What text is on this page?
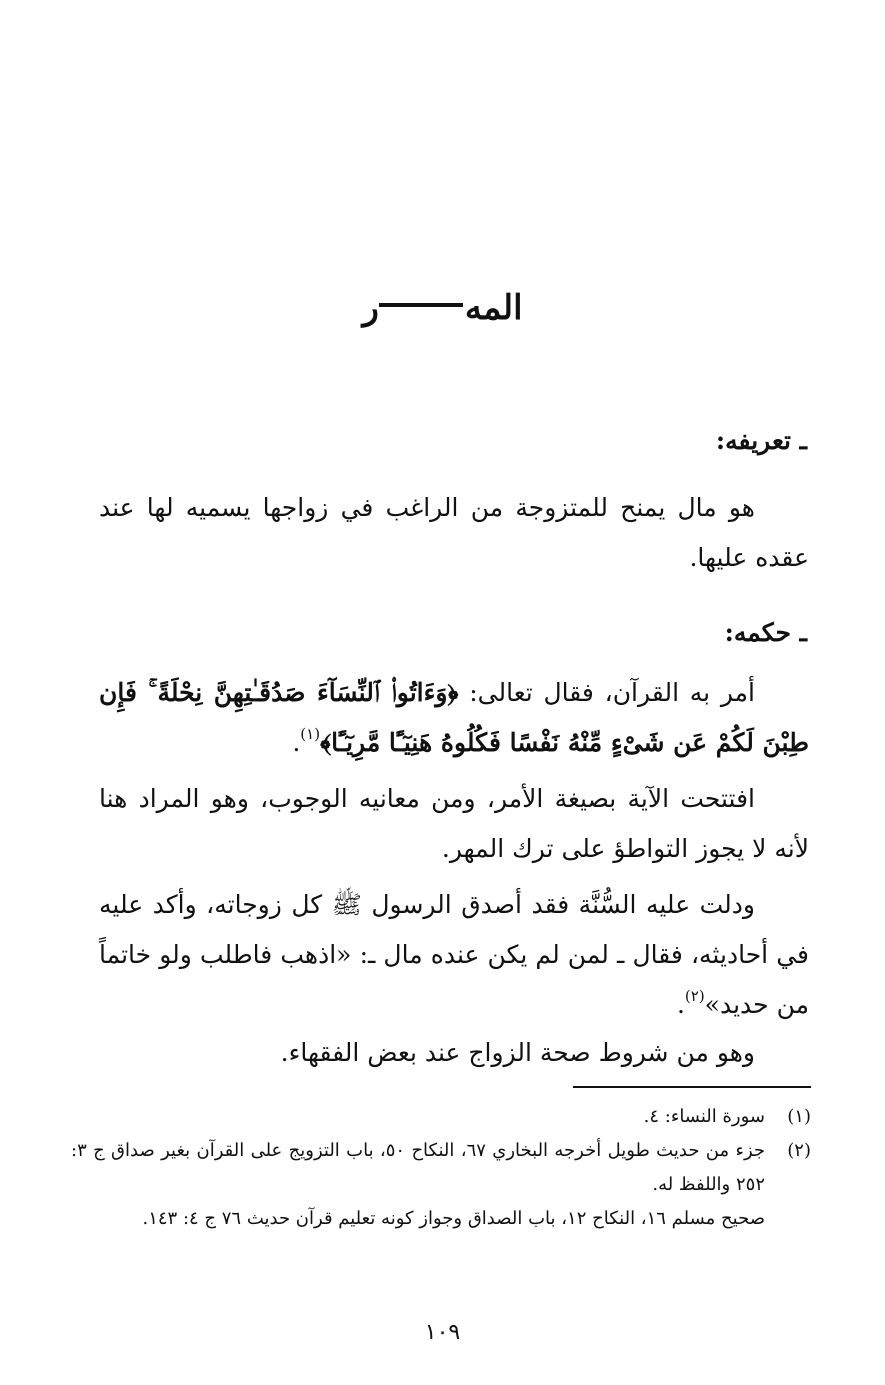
المهر
ـ تعريفه:

هو مال يمنح للمتزوجة من الراغب في زواجها يسميه لها عند عقده عليها.

ـ حكمه:

أمر به القرآن، فقال تعالى: ﴿وَءَاتُوا۟ ٱلنِّسَآءَ صَدُقَـٰتِهِنَّ نِحْلَةً ۚ فَإِن طِبْنَ لَكُمْ عَن شَىْءٍ مِّنْهُ نَفْسًا فَكُلُوهُ هَنِيٓـًٔا مَّرِيٓـًٔا﴾$^{(١)}$.

افتتحت الآية بصيغة الأمر، ومن معانيه الوجوب، وهو المراد هنا لأنه لا يجوز التواطؤ على ترك المهر.

ودلت عليه السُّنَّة فقد أصدق الرسول ﷺ كل زوجاته، وأكد عليه في أحاديثه، فقال ـ لمن لم يكن عنده مال ـ: «اذهب فاطلب ولو خاتماً من حديد»$^{(٢)}$.

وهو من شروط صحة الزواج عند بعض الفقهاء.

(١)
سورة النساء: ٤.
(٢)
جزء من حديث طويل أخرجه البخاري ٦٧، النكاح ٥٠، باب التزويج على القرآن بغير صداق ج ٣: ٢٥٢ واللفظ له.
صحيح مسلم ١٦، النكاح ١٢، باب الصداق وجواز كونه تعليم قرآن حديث ٧٦ ج ٤: ١٤٣.
١٠٩
